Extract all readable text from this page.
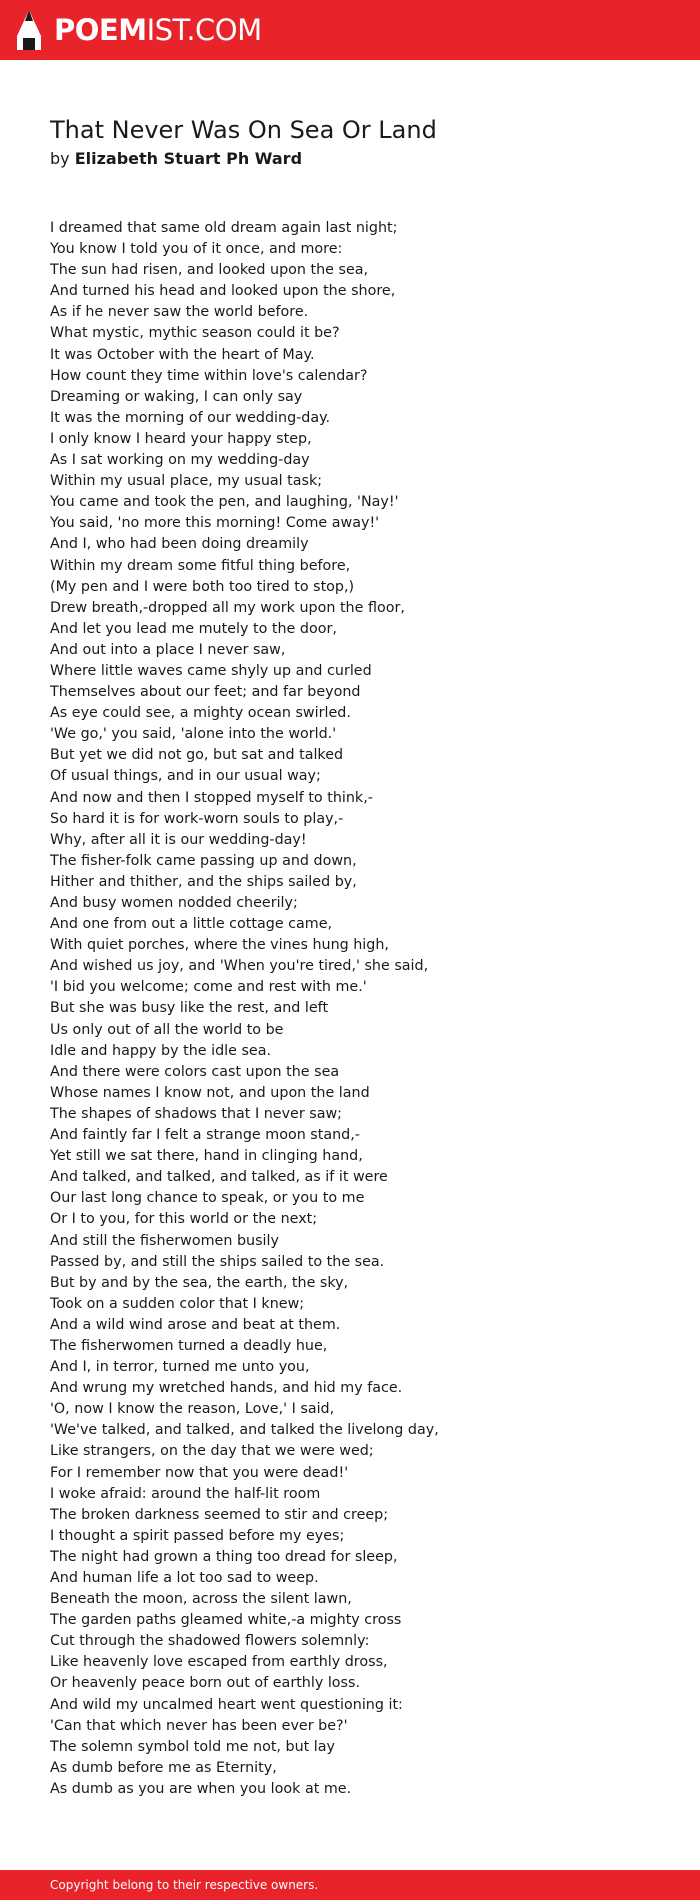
POEMIST.COM
That Never Was On Sea Or Land
by Elizabeth Stuart Ph Ward
I dreamed that same old dream again last night;
You know I told you of it once, and more:
The sun had risen, and looked upon the sea,
And turned his head and looked upon the shore,
As if he never saw the world before.
What mystic, mythic season could it be?
It was October with the heart of May.
How count they time within love's calendar?
Dreaming or waking, I can only say
It was the morning of our wedding-day.
I only know I heard your happy step,
As I sat working on my wedding-day
Within my usual place, my usual task;
You came and took the pen, and laughing, 'Nay!'
You said, 'no more this morning! Come away!'
And I, who had been doing dreamily
Within my dream some fitful thing before,
(My pen and I were both too tired to stop,)
Drew breath,-dropped all my work upon the floor,
And let you lead me mutely to the door,
And out into a place I never saw,
Where little waves came shyly up and curled
Themselves about our feet; and far beyond
As eye could see, a mighty ocean swirled.
'We go,' you said, 'alone into the world.'
But yet we did not go, but sat and talked
Of usual things, and in our usual way;
And now and then I stopped myself to think,-
So hard it is for work-worn souls to play,-
Why, after all it is our wedding-day!
The fisher-folk came passing up and down,
Hither and thither, and the ships sailed by,
And busy women nodded cheerily;
And one from out a little cottage came,
With quiet porches, where the vines hung high,
And wished us joy, and 'When you're tired,' she said,
'I bid you welcome; come and rest with me.'
But she was busy like the rest, and left
Us only out of all the world to be
Idle and happy by the idle sea.
And there were colors cast upon the sea
Whose names I know not, and upon the land
The shapes of shadows that I never saw;
And faintly far I felt a strange moon stand,-
Yet still we sat there, hand in clinging hand,
And talked, and talked, and talked, as if it were
Our last long chance to speak, or you to me
Or I to you, for this world or the next;
And still the fisherwomen busily
Passed by, and still the ships sailed to the sea.
But by and by the sea, the earth, the sky,
Took on a sudden color that I knew;
And a wild wind arose and beat at them.
The fisherwomen turned a deadly hue,
And I, in terror, turned me unto you,
And wrung my wretched hands, and hid my face.
'O, now I know the reason, Love,' I said,
'We've talked, and talked, and talked the livelong day,
Like strangers, on the day that we were wed;
For I remember now that you were dead!'
I woke afraid: around the half-lit room
The broken darkness seemed to stir and creep;
I thought a spirit passed before my eyes;
The night had grown a thing too dread for sleep,
And human life a lot too sad to weep.
Beneath the moon, across the silent lawn,
The garden paths gleamed white,-a mighty cross
Cut through the shadowed flowers solemnly:
Like heavenly love escaped from earthly dross,
Or heavenly peace born out of earthly loss.
And wild my uncalmed heart went questioning it:
'Can that which never has been ever be?'
The solemn symbol told me not, but lay
As dumb before me as Eternity,
As dumb as you are when you look at me.
Copyright belong to their respective owners.
